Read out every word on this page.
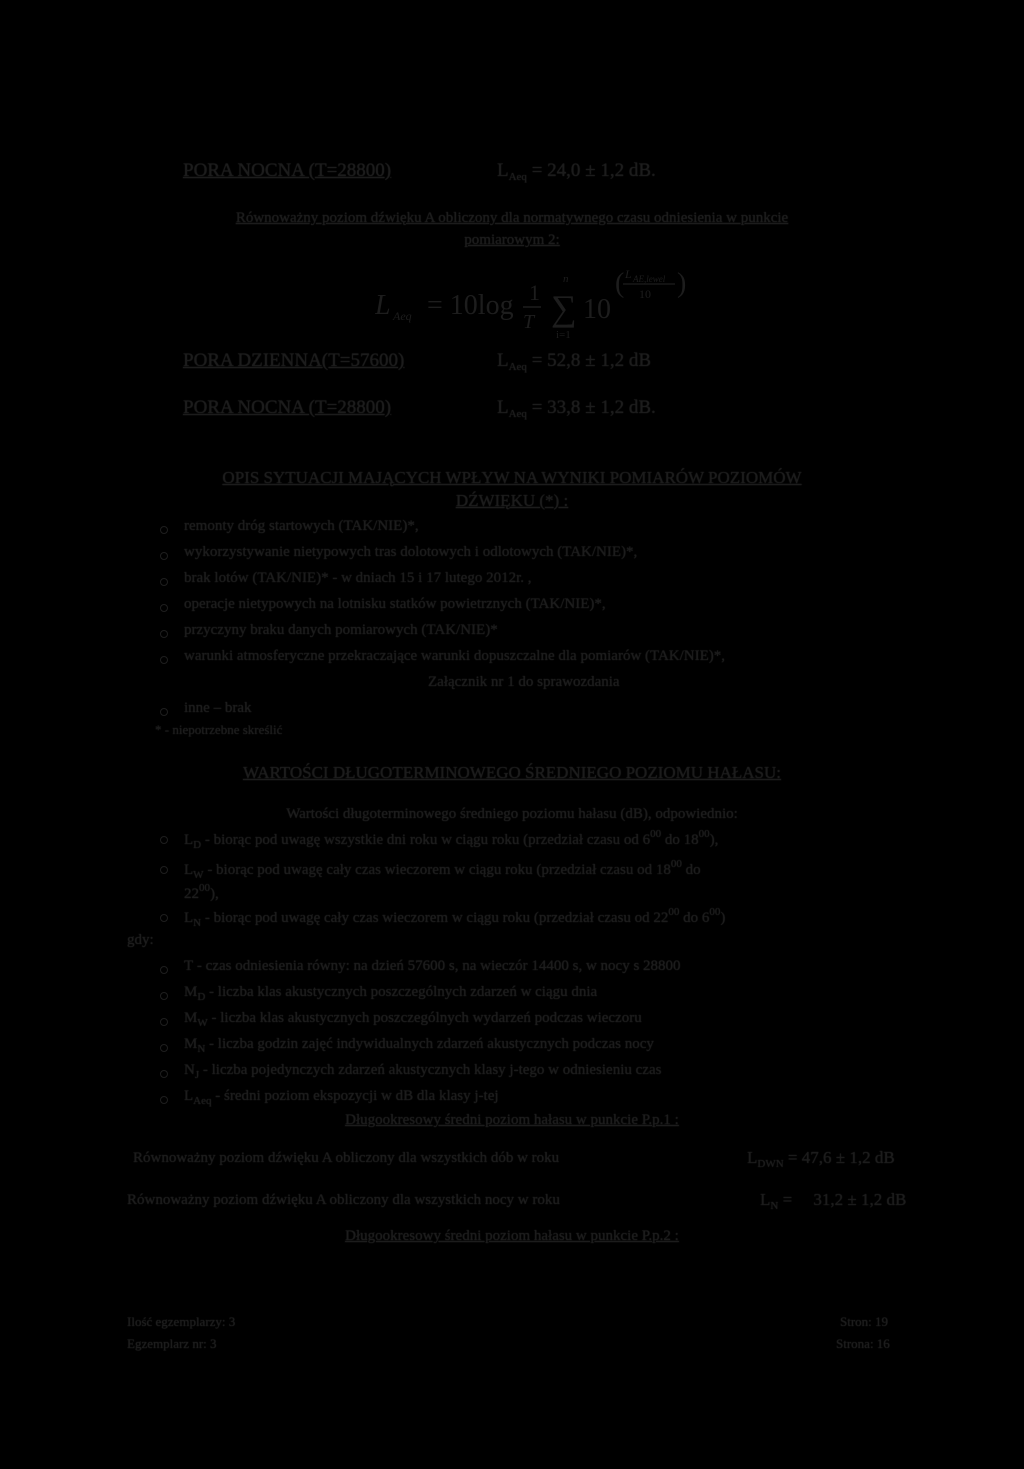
PORA NOCNA (T=28800)	$L_{Aeq} = 24,0 \pm 1,2$ dB.
Równoważny poziom dźwięku A obliczony dla normatywnego czasu odniesienia w punkcie
pomiarowym 2:
L Aeq = 10log 1
T
n
∑
i=1
10
( L AE,lewel
10 )
PORA DZIENNA(T=57600)	$L_{Aeq} = 52,8 \pm 1,2$ dB
PORA NOCNA (T=28800)	$L_{Aeq} = 33,8 \pm 1,2$ dB.
OPIS SYTUACJI MAJĄCYCH WPŁYW NA WYNIKI POMIARÓW POZIOMÓW
DŹWIĘKU (*) :
remonty dróg startowych (TAK/NIE)*,
wykorzystywanie nietypowych tras dolotowych i odlotowych (TAK/NIE)*,
brak lotów (TAK/NIE)* - w dniach 15 i 17 lutego 2012r. ,
operacje nietypowych na lotnisku statków powietrznych (TAK/NIE)*,
przyczyny braku danych pomiarowych (TAK/NIE)*
warunki atmosferyczne przekraczające warunki dopuszczalne dla pomiarów (TAK/NIE)*,
Załącznik nr 1 do sprawozdania
inne – brak
* - niepotrzebne skreślić
WARTOŚCI DŁUGOTERMINOWEGO ŚREDNIEGO POZIOMU HAŁASU:
Wartości długoterminowego średniego poziomu hałasu (dB), odpowiednio:
$L_D$ - biorąc pod uwagę wszystkie dni roku w ciągu roku (przedział czasu od $6^{00}$ do $18^{00}$),
$L_W$ - biorąc pod uwagę cały czas wieczorem w ciągu roku (przedział czasu od $18^{00}$ do
$22^{00}$),
$L_N$ - biorąc pod uwagę cały czas wieczorem w ciągu roku (przedział czasu od $22^{00}$ do $6^{00}$)
gdy:
T - czas odniesienia równy: na dzień 57600 s, na wieczór 14400 s, w nocy s 28800
$M_D$ - liczba klas akustycznych poszczególnych zdarzeń w ciągu dnia
$M_W$ - liczba klas akustycznych poszczególnych wydarzeń podczas wieczoru
$M_N$ - liczba godzin zajęć indywidualnych zdarzeń akustycznych podczas nocy
$N_J$ - liczba pojedynczych zdarzeń akustycznych klasy j-tego w odniesieniu czas
$L_{Aeq}$ - średni poziom ekspozycji w dB dla klasy j-tej
Długookresowy średni poziom hałasu w punkcie P.p.1 :
Równoważny poziom dźwięku A obliczony dla wszystkich dób w roku	$L_{DWN} = 47,6 \pm 1,2$ dB
Równoważny poziom dźwięku A obliczony dla wszystkich nocy w roku	$L_N$ =     31,2 ± 1,2 dB
Długookresowy średni poziom hałasu w punkcie P.p.2 :
Ilość egzemplarzy: 3
Egzemplarz nr: 3
Stron: 19
Strona: 16
